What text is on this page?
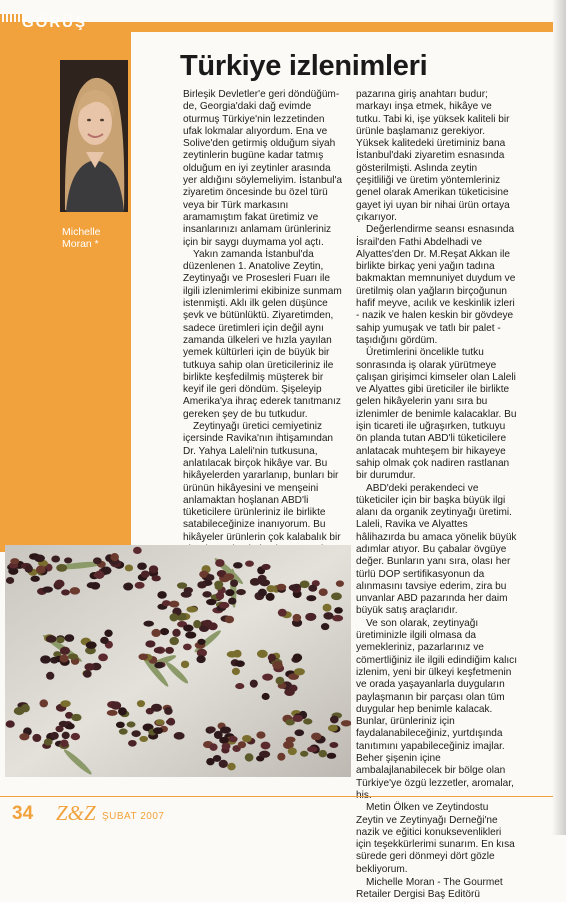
GÖRÜŞ
Michelle
Moran *
Türkiye izlenimleri

Birleşik Devletler'e geri döndüğüm-de, Georgia'daki dağ evimde oturmuş Türkiye'nin lezzetinden ufak lokmalar alıyordum. Ena ve Solive'den getirmiş olduğum siyah zeytinlerin bugüne kadar tatmış olduğum en iyi zeytinler arasında yer aldığını söylemeliyim. İstanbul'a ziyaretim öncesinde bu özel türü veya bir Türk markasını aramamıştım fakat üretimiz ve insanlarınızı anlamam ürünleriniz için bir saygı duymama yol açtı.

Yakın zamanda İstanbul'da düzenlenen 1. Anatolive Zeytin, Zeytinyağı ve Prosesleri Fuarı ile ilgili izlenimlerimi ekibinize sunmam istenmişti. Aklı ilk gelen düşünce şevk ve bütünlüktü. Ziyaretimden, sadece üretimleri için değil aynı zamanda ülkeleri ve hızla yayılan yemek kültürleri için de büyük bir tutkuya sahip olan üreticileriniz ile birlikte keşfedilmiş müşterek bir keyif ile geri döndüm. Şişeleyip Amerika'ya ihraç ederek tanıtmanız gereken şey de bu tutkudur.

Zeytinyağı üretici cemiyetiniz içersinde Ravika'nın ihtişamından Dr. Yahya Laleli'nin tutkusuna, anlatılacak birçok hikâye var. Bu hikâyelerden yararlanıp, bunları bir ürünün hikâyesini ve menşeini anlamaktan hoşlanan ABD'li tüketicilere ürünleriniz ile birlikte satabileceğinize inanıyorum. Bu hikâyeler ürünlerin çok kalabalık bir

pazarına giriş anahtarı budur; markayı inşa etmek, hikâye ve tutku. Tabi ki, işe yüksek kaliteli bir ürünle başlamanız gerekiyor. Yüksek kalitedeki üretiminiz bana İstanbul'daki ziyaretim esnasında gösterilmişti. Aslında zeytin çeşitliliği ve üretim yöntemleriniz genel olarak Amerikan tüketicisine gayet iyi uyan bir nihai ürün ortaya çıkarıyor.

Değerlendirme seansı esnasında İsrail'den Fathi Abdelhadi ve Alyattes'den Dr. M.Reşat Akkan ile birlikte birkaç yeni yağın tadına bakmaktan memnuniyet duydum ve üretilmiş olan yağların birçoğunun hafif meyve, acılık ve keskinlik izleri - nazik ve halen keskin bir gövdeye sahip yumuşak ve tatlı bir palet - taşıdığını gördüm.

Üretimlerini öncelikle tutku sonrasında iş olarak yürütmeye çalışan girişimci kimseler olan Laleli ve Alyattes gibi üreticiler ile birlikte gelen hikâyelerin yanı sıra bu izlenimler de benimle kalacaklar. Bu işin ticareti ile uğraşırken, tutkuyu ön planda tutan ABD'li tüketicilere anlatacak muhteşem bir hikayeye sahip olmak çok nadiren rastlanan bir durumdur.

ABD'deki perakendeci ve tüketiciler için bir başka büyük ilgi alanı da organik zeytinyağı üretimi. Laleli, Ravika ve Alyattes hâlihazırda bu amaca yönelik büyük adımlar atıyor. Bu çabalar övgüye değer. Bunların yanı sıra, olası her türlü DOP sertifikasyonun da alınmasını tavsiye ederim, zira bu unvanlar ABD pazarında her daim büyük satış araçlarıdır.

Ve son olarak, zeytinyağı üretiminizle ilgili olmasa da yemekleriniz, pazarlarınız ve cömertliğiniz ile ilgili edindiğim kalıcı izlenim, yeni bir ülkeyi keşfetmenin ve orada yaşayanlarla duyguların paylaşmanın bir parçası olan tüm duygular hep benimle kalacak. Bunlar, ürünleriniz için faydalanabileceğiniz, yurtdışında tanıtımını yapabileceğiniz imajlar. Beher şişenin içine ambalajlanabilecek bir bölge olan Türkiye'ye özgü lezzetler, aromalar, his.

Metin Ölken ve Zeytindostu Zeytin ve Zeytinyağı Derneği'ne nazik ve eğitici konuksevenlikleri için teşekkürlerimi sunarım. En kısa sürede geri dönmeyi dört gözle bekliyorum.

Michelle Moran - The Gourmet Retailer Dergisi Baş Editörü

34 Z&Z ŞUBAT 2007
